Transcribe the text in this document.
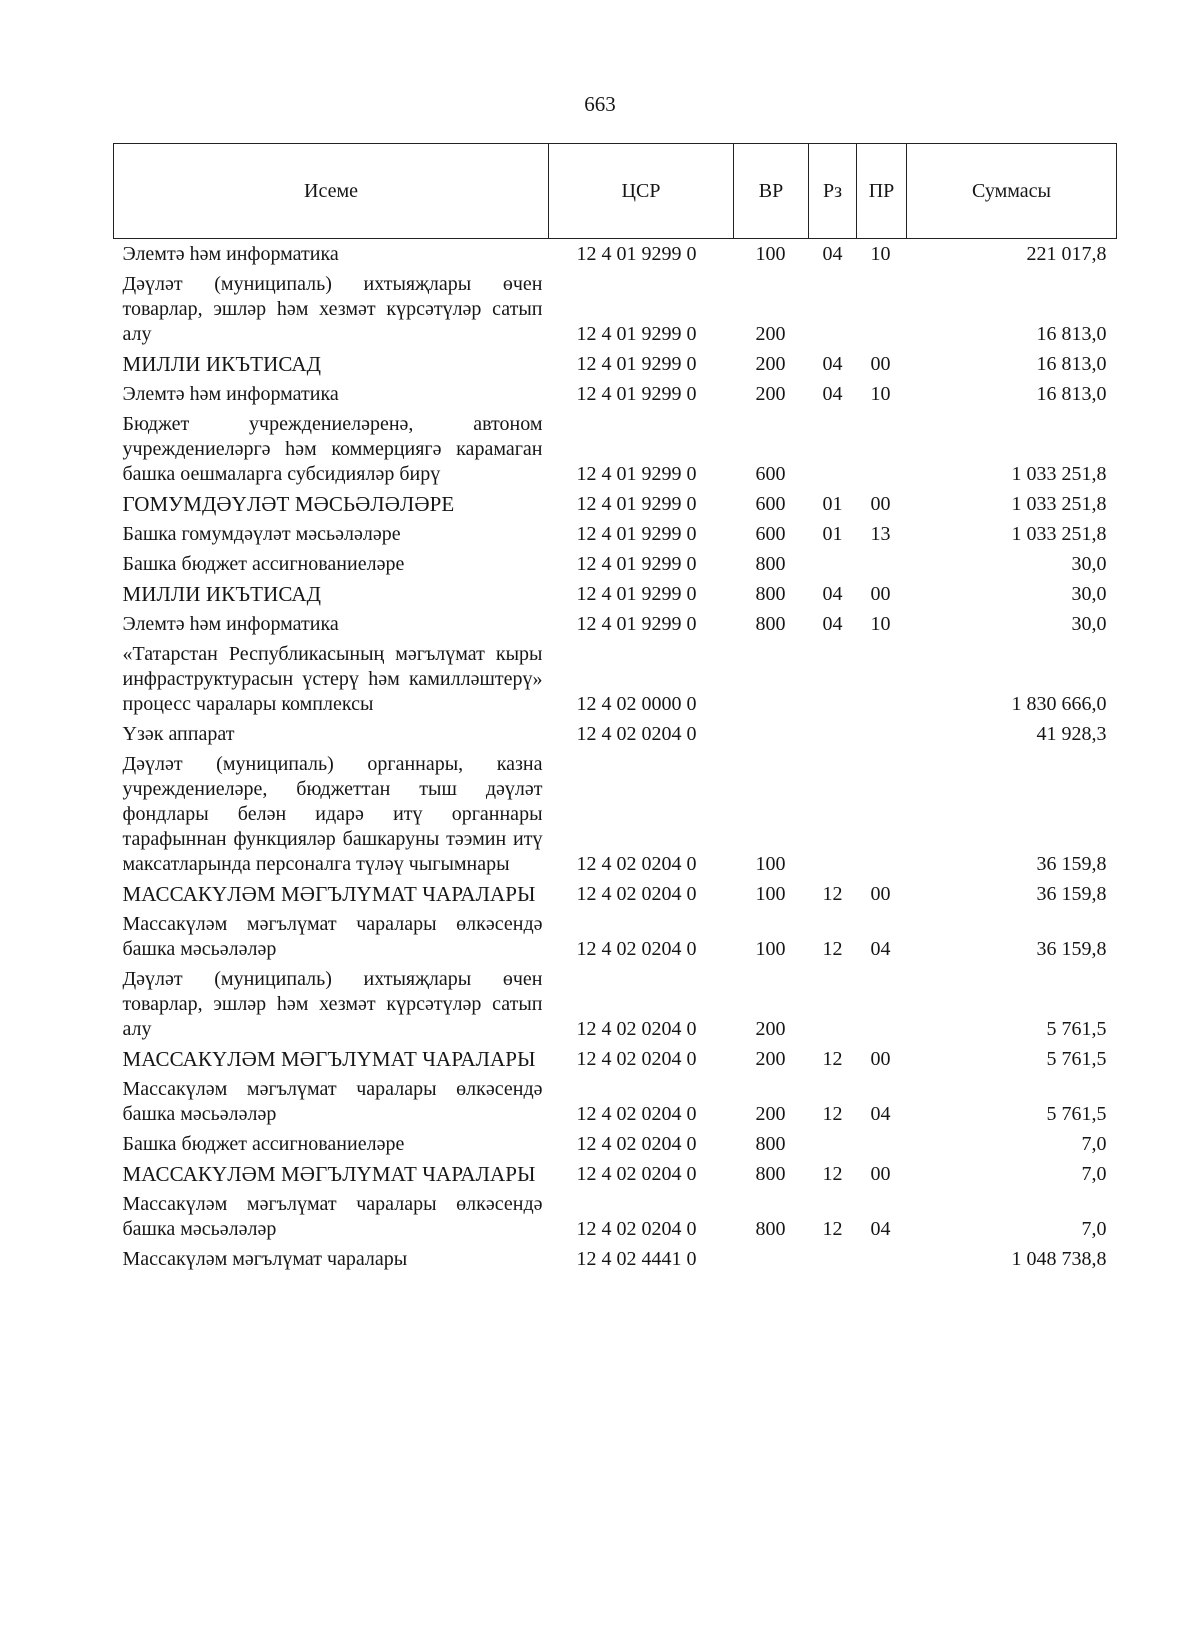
663
Исеме	ЦСР	ВР	Рз	ПР	Суммасы
Элемтә һәм информатика	12 4 01 9299 0	100	04	10	221 017,8
Дәүләт (муниципаль) ихтыяҗлары өчен товарлар, эшләр һәм хезмәт күрсәтүләр сатып алу	12 4 01 9299 0	200			16 813,0
МИЛЛИ ИКЪТИСАД	12 4 01 9299 0	200	04	00	16 813,0
Элемтә һәм информатика	12 4 01 9299 0	200	04	10	16 813,0
Бюджет учреждениеләренә, автоном учреждениеләргә һәм коммерциягә карамаган башка оешмаларга субсидияләр бирү	12 4 01 9299 0	600			1 033 251,8
ГОМУМДӘҮЛӘТ МӘСЬӘЛӘЛӘРЕ	12 4 01 9299 0	600	01	00	1 033 251,8
Башка гомумдәүләт мәсьәләләре	12 4 01 9299 0	600	01	13	1 033 251,8
Башка бюджет ассигнованиеләре	12 4 01 9299 0	800			30,0
МИЛЛИ ИКЪТИСАД	12 4 01 9299 0	800	04	00	30,0
Элемтә һәм информатика	12 4 01 9299 0	800	04	10	30,0
«Татарстан Республикасының мәгълүмат кыры инфраструктурасын үстерү һәм камилләштерү» процесс чаралары комплексы	12 4 02 0000 0				1 830 666,0
Үзәк аппарат	12 4 02 0204 0				41 928,3
Дәүләт (муниципаль) органнары, казна учреждениеләре, бюджеттан тыш дәүләт фондлары белән идарә итү органнары тарафыннан функцияләр башкаруны тәэмин итү максатларында персоналга түләү чыгымнары	12 4 02 0204 0	100			36 159,8
МАССАКҮЛӘМ МӘГЪЛҮМАТ ЧАРАЛАРЫ	12 4 02 0204 0	100	12	00	36 159,8
Массакүләм мәгълүмат чаралары өлкәсендә башка мәсьәләләр	12 4 02 0204 0	100	12	04	36 159,8
Дәүләт (муниципаль) ихтыяҗлары өчен товарлар, эшләр һәм хезмәт күрсәтүләр сатып алу	12 4 02 0204 0	200			5 761,5
МАССАКҮЛӘМ МӘГЪЛҮМАТ ЧАРАЛАРЫ	12 4 02 0204 0	200	12	00	5 761,5
Массакүләм мәгълүмат чаралары өлкәсендә башка мәсьәләләр	12 4 02 0204 0	200	12	04	5 761,5
Башка бюджет ассигнованиеләре	12 4 02 0204 0	800			7,0
МАССАКҮЛӘМ МӘГЪЛҮМАТ ЧАРАЛАРЫ	12 4 02 0204 0	800	12	00	7,0
Массакүләм мәгълүмат чаралары өлкәсендә башка мәсьәләләр	12 4 02 0204 0	800	12	04	7,0
Массакүләм мәгълүмат чаралары	12 4 02 4441 0				1 048 738,8
